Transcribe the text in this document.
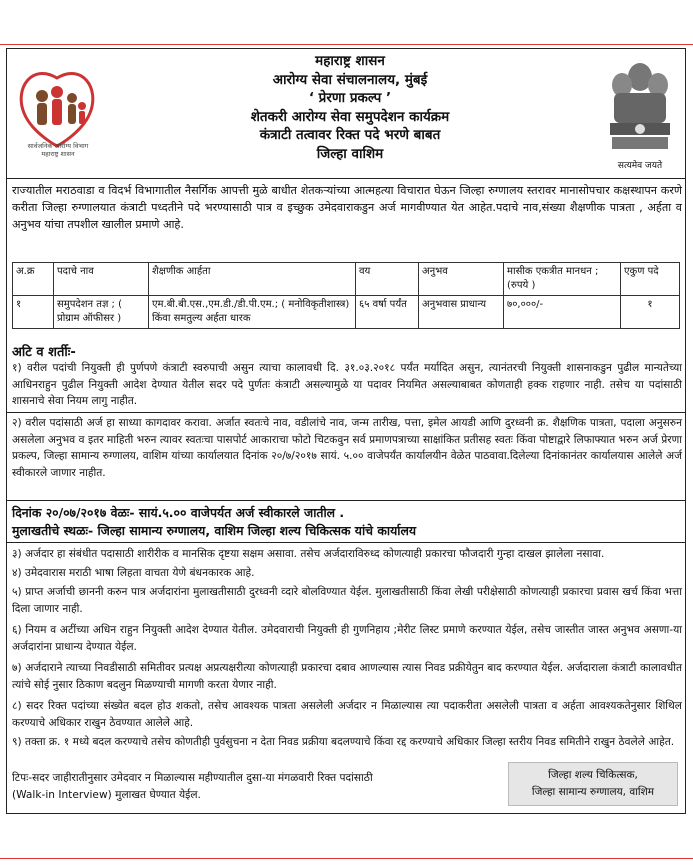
सार्वजनिक आरोग्य विभाग
महाराष्ट्र शासन
महाराष्ट्र शासन
आरोग्य सेवा संचालनालय, मुंबई
‘ प्रेरणा प्रकल्प ’
शेतकरी आरोग्य सेवा समुपदेशन कार्यक्रम
कंत्राटी तत्वावर रिक्त पदे भरणे बाबत
जिल्हा वाशिम
सत्यमेव जयते
राज्यातील मराठवाडा व विदर्भ विभागातील नैसर्गिक आपत्ती मुळे बाधीत शेतकऱ्यांच्या आत्महत्या विचारात घेऊन जिल्हा रुग्णालय स्तरावर मानासोपचार कक्षस्थापन करणे करीता जिल्हा रुग्णालयात कंत्राटी पध्दतीने पदे भरण्यासाठी पात्र व इच्छुक उमेदवाराकडुन अर्ज मागवीण्यात येत आहेत.पदाचे नाव,संख्या शैक्षणीक पात्रता , अर्हता व अनुभव यांचा तपशील खालील प्रमाणे आहे.
अ.क्र	पदाचे नाव	शैक्षणीक आर्हता	वय	अनुभव	मासीक एकत्रीत मानधन ;(रुपये )	एकुण पदे
१	समुपदेशन तज्ञ ; ( प्रोग्राम ऑफीसर )	एम.बी.बी.एस.,एम.डी./डी.पी.एम.; ( मनोविकृतीशास्त्र) किंवा समतुल्य अर्हता धारक	६५ वर्षा पर्यंत	अनुभवास प्राधान्य	७०,०००/-	१
अटि व शर्तीः-
१) वरील पदांची नियुक्ती ही पुर्णपणे कंत्राटी स्वरुपाची असुन त्याचा कालावधी दि. ३१.०३.२०१८ पर्यंत मर्यादित असुन, त्यानंतरची नियुक्ती शासनाकडुन पुढील मान्यतेच्या आधिनराहुन पुढील नियुक्ती आदेश देण्यात येतील सदर पदे पुर्णतः कंत्राटी असल्यामुळे या पदावर नियमित असल्याबाबत कोणताही हक्क राहणार नाही. तसेच या पदांसाठी शासनाचे सेवा नियम लागु नाहीत.
२) वरील पदांसाठी अर्ज हा साध्या कागदावर करावा. अर्जात स्वतःचे नाव, वडीलांचे नाव, जन्म तारीख, पत्ता, इमेल आयडी आणि दुरध्वनी क्र. शैक्षणिक पात्रता, पदाला अनुसरुन असलेला अनुभव व इतर माहिती भरुन त्यावर स्वतःचा पासपोर्ट आकाराचा फोटो चिटकवुन सर्व प्रमाणपत्राच्या साक्षांकित प्रतीसह स्वतः किंवा पोष्टाद्वारे लिफाफ्यात भरुन अर्ज प्रेरणा प्रकल्प, जिल्हा सामान्य रुग्णालय, वाशिम यांच्या कार्यालयात दिनांक २०/७/२०१७ सायं. ५.०० वाजेपर्यंत कार्यालयीन वेळेत पाठवावा.दिलेल्या दिनांकानंतर कार्यालयास आलेले अर्ज स्वीकारले जाणार नाहीत.
दिनांक २०/०७/२०१७ वेळः- सायं.५.०० वाजेपर्यत अर्ज स्वीकारले जातील .
मुलाखतीचे स्थळः- जिल्हा सामान्य रुग्णालय, वाशिम जिल्हा शल्य चिकित्सक यांचे कार्यालय
३) अर्जदार हा संबंधीत पदासाठी शारीरीक व मानसिक दृष्टया सक्षम असावा. तसेच अर्जदाराविरुध्द कोणत्याही प्रकारचा फौजदारी गुन्हा दाखल झालेला नसावा.
४) उमेदवारास मराठी भाषा लिहता वाचता येणे बंधनकारक आहे.
५) प्राप्त अर्जाची छाननी करुन पात्र अर्जदारांना मुलाखतीसाठी दुरध्वनी व्दारे बोलविण्यात येईल. मुलाखतीसाठी किंवा लेखी परीक्षेसाठी कोणत्याही प्रकारचा प्रवास खर्च किंवा भत्ता दिला जाणार नाही.
६) नियम व अटींच्या अधिन राहुन नियुक्ती आदेश देण्यात येतील. उमेदवाराची नियुक्ती ही गुणनिहाय ;मेरीट लिस्ट प्रमाणे करण्यात येईल, तसेच जास्तीत जास्त अनुभव असणा-या अर्जदारांना प्राधान्य देण्यात येईल.
७) अर्जदाराने त्याच्या निवडीसाठी समितीवर प्रत्यक्ष अप्रत्यक्षरीत्या कोणत्याही प्रकारचा दबाव आणल्यास त्यास निवड प्रक्रीयेतुन बाद करण्यात येईल. अर्जदाराला कंत्राटी कालावधीत त्यांचे सोई नुसार ठिकाण बदलुन मिळण्याची मागणी करता येणार नाही.
८) सदर रिक्त पदांच्या संख्येत बदल होउ शकतो, तसेच आवश्यक पात्रता असलेली अर्जदार न मिळाल्यास त्या पदाकरीता असलेली पात्रता व अर्हता आवश्यकतेनुसार शिथिल करण्याचे अधिकार राखुन ठेवण्यात आलेले आहे.
९) तक्ता क्र. १ मध्ये बदल करण्याचे तसेच कोणतीही पुर्वसुचना न देता निवड प्रक्रीया बदलण्याचे किंवा रद्द करण्याचे अधिकार जिल्हा स्तरीय निवड समितीने राखुन ठेवलेले आहेत.
टिपः-सदर जाहीरातीनुसार उमेदवार न मिळाल्यास महीण्यातील दुसा-या मंगळवारी रिक्त पदांसाठी
(Walk-in Interview) मुलाखत घेण्यात येईल.
जिल्हा शल्य चिकित्सक,
जिल्हा सामान्य रुग्णालय, वाशिम
